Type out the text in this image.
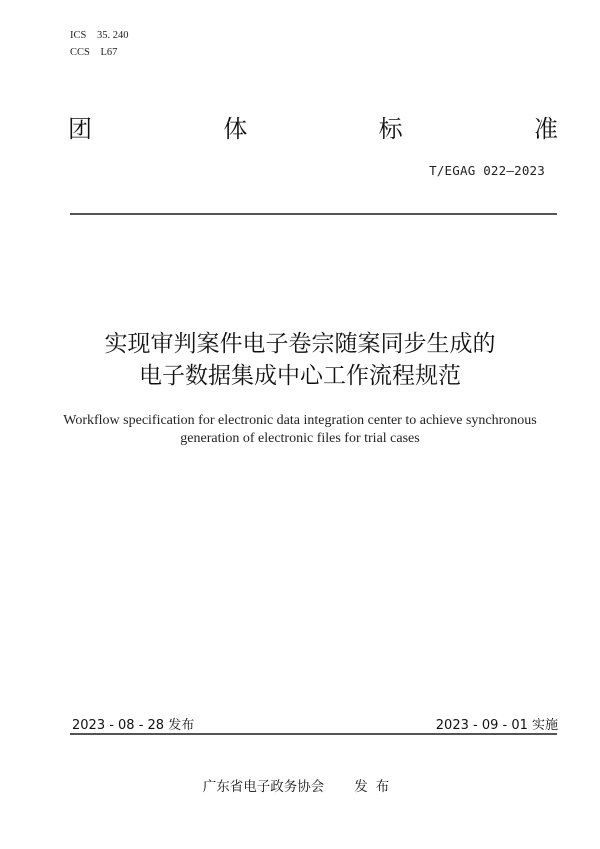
ICS 35. 240
CCS L67
团	体	标	准
T/EGAG 022—2023
实现审判案件电子卷宗随案同步生成的
电子数据集成中心工作流程规范
Workflow specification for electronic data integration center to achieve synchronous
generation of electronic files for trial cases
2023 - 08 - 28 发布	2023 - 09 - 01 实施
广东省电子政务协会 发布
